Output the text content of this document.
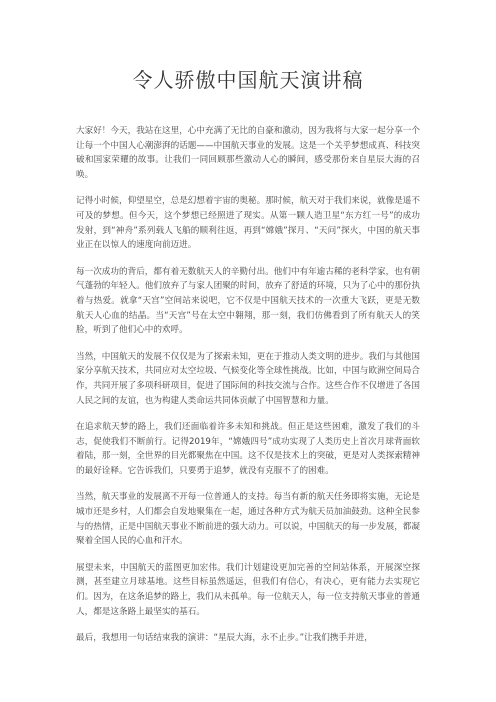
令人骄傲中国航天演讲稿

大家好！今天，我站在这里，心中充满了无比的自豪和激动，因为我将与大家一起分享一个让每一个中国人心潮澎湃的话题——中国航天事业的发展。这是一个关乎梦想成真、科技突破和国家荣耀的故事。让我们一同回顾那些激动人心的瞬间，感受那份来自星辰大海的召唤。

记得小时候，仰望星空，总是幻想着宇宙的奥秘。那时候，航天对于我们来说，就像是遥不可及的梦想。但今天，这个梦想已经照进了现实。从第一颗人造卫星“东方红一号”的成功发射，到“神舟”系列载人飞船的顺利往返，再到“嫦娥”探月、“天问”探火，中国的航天事业正在以惊人的速度向前迈进。

每一次成功的背后，都有着无数航天人的辛勤付出。他们中有年逾古稀的老科学家，也有朝气蓬勃的年轻人。他们放弃了与家人团聚的时间，放弃了舒适的环境，只为了心中的那份执着与热爱。就拿“天宫”空间站来说吧，它不仅是中国航天技术的一次重大飞跃，更是无数航天人心血的结晶。当“天宫”号在太空中翱翔，那一刻，我们仿佛看到了所有航天人的笑脸，听到了他们心中的欢呼。

当然，中国航天的发展不仅仅是为了探索未知，更在于推动人类文明的进步。我们与其他国家分享航天技术，共同应对太空垃圾、气候变化等全球性挑战。比如，中国与欧洲空间局合作，共同开展了多项科研项目，促进了国际间的科技交流与合作。这些合作不仅增进了各国人民之间的友谊，也为构建人类命运共同体贡献了中国智慧和力量。

在追求航天梦的路上，我们还面临着许多未知和挑战。但正是这些困难，激发了我们的斗志，促使我们不断前行。记得2019年，“嫦娥四号”成功实现了人类历史上首次月球背面软着陆，那一刻，全世界的目光都聚焦在中国。这不仅是技术上的突破，更是对人类探索精神的最好诠释。它告诉我们，只要勇于追梦，就没有克服不了的困难。

当然，航天事业的发展离不开每一位普通人的支持。每当有新的航天任务即将实施，无论是城市还是乡村，人们都会自发地聚集在一起，通过各种方式为航天员加油鼓劲。这种全民参与的热情，正是中国航天事业不断前进的强大动力。可以说，中国航天的每一步发展，都凝聚着全国人民的心血和汗水。

展望未来，中国航天的蓝图更加宏伟。我们计划建设更加完善的空间站体系，开展深空探测，甚至建立月球基地。这些目标虽然遥远，但我们有信心，有决心，更有能力去实现它们。因为，在这条追梦的路上，我们从未孤单。每一位航天人，每一位支持航天事业的普通人，都是这条路上最坚实的基石。

最后，我想用一句话结束我的演讲：“星辰大海，永不止步。”让我们携手并进，
